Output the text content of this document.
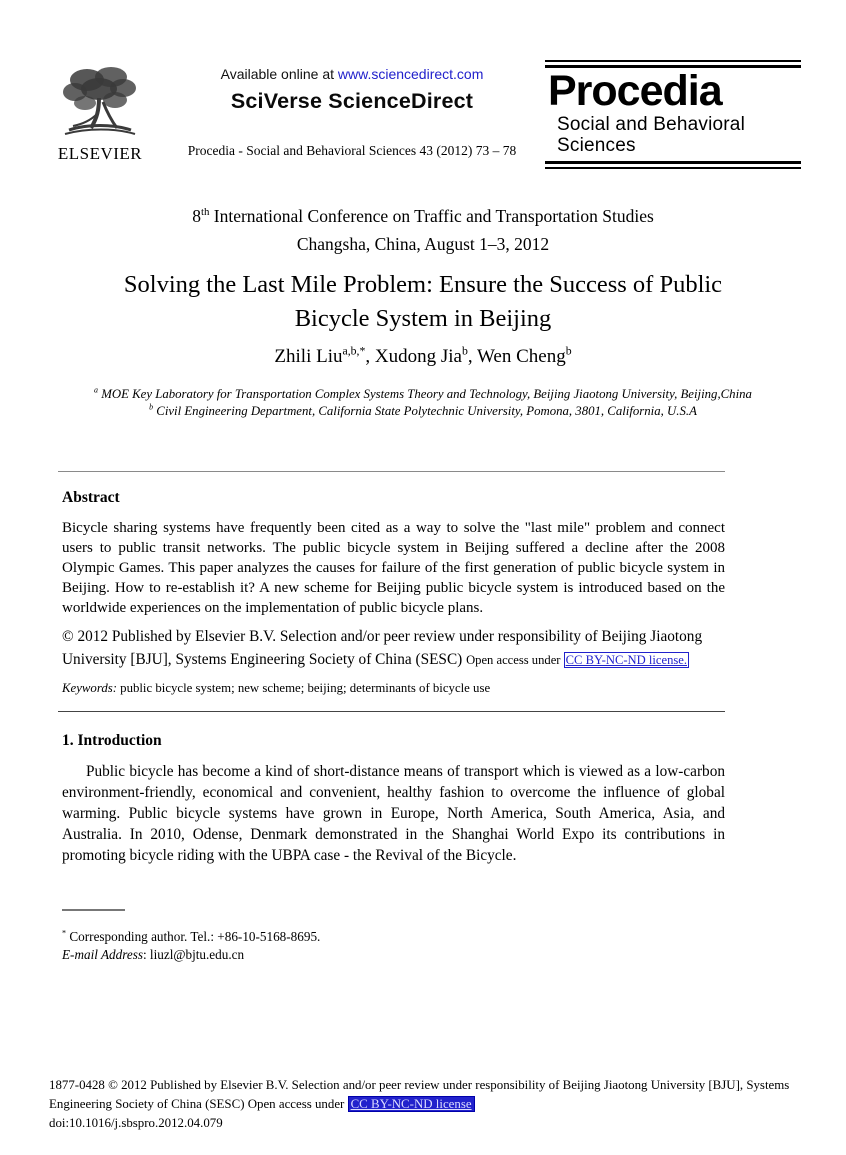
ELSEVIER
Available online at www.sciencedirect.com
SciVerse ScienceDirect
Procedia - Social and Behavioral Sciences 43 (2012) 73 – 78
Procedia
Social and Behavioral Sciences
8th International Conference on Traffic and Transportation Studies
Changsha, China, August 1–3, 2012
Solving the Last Mile Problem: Ensure the Success of Public
Bicycle System in Beijing
Zhili Liu$^{a,b,*}$, Xudong Jia$^b$, Wen Cheng$^b$
$^a$ MOE Key Laboratory for Transportation Complex Systems Theory and Technology, Beijing Jiaotong University, Beijing,China
$^b$ Civil Engineering Department, California State Polytechnic University, Pomona, 3801, California, U.S.A
Abstract
Bicycle sharing systems have frequently been cited as a way to solve the "last mile" problem and connect users to public transit networks. The public bicycle system in Beijing suffered a decline after the 2008 Olympic Games. This paper analyzes the causes for failure of the first generation of public bicycle system in Beijing. How to re-establish it? A new scheme for Beijing public bicycle system is introduced based on the worldwide experiences on the implementation of public bicycle plans.
© 2012 Published by Elsevier B.V. Selection and/or peer review under responsibility of Beijing Jiaotong University [BJU], Systems Engineering Society of China (SESC) Open access under CC BY-NC-ND license.
Keywords: public bicycle system; new scheme; beijing; determinants of bicycle use
1. Introduction
Public bicycle has become a kind of short-distance means of transport which is viewed as a low-carbon environment-friendly, economical and convenient, healthy fashion to overcome the influence of global warming. Public bicycle systems have grown in Europe, North America, South America, Asia, and Australia. In 2010, Odense, Denmark demonstrated in the Shanghai World Expo its contributions in promoting bicycle riding with the UBPA case - the Revival of the Bicycle.
* Corresponding author. Tel.: +86-10-5168-8695.
E-mail Address: liuzl@bjtu.edu.cn
1877-0428 © 2012 Published by Elsevier B.V. Selection and/or peer review under responsibility of Beijing Jiaotong University [BJU], Systems
Engineering Society of China (SESC) Open access under CC BY-NC-ND license
doi:10.1016/j.sbspro.2012.04.079
